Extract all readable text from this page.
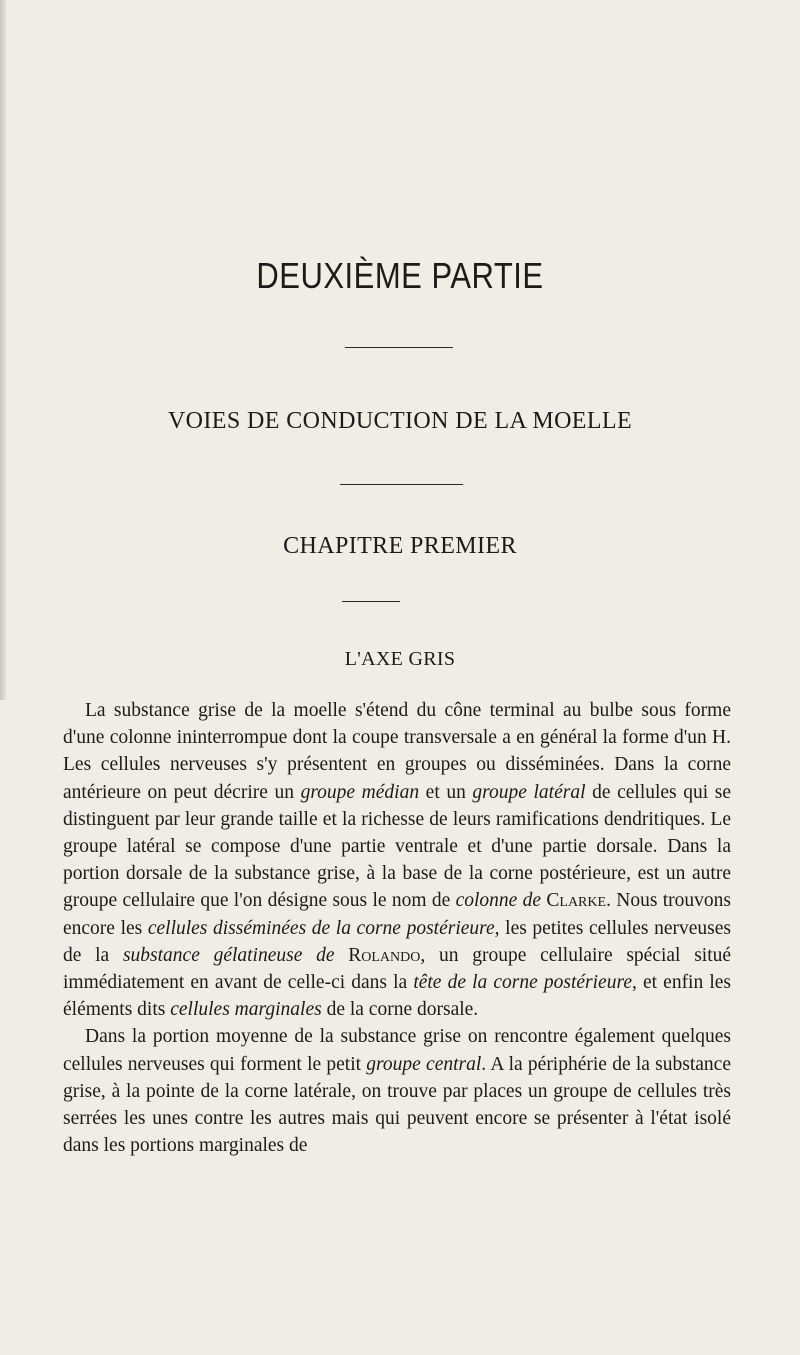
DEUXIÈME PARTIE
VOIES DE CONDUCTION DE LA MOELLE
CHAPITRE PREMIER
L'AXE GRIS

La substance grise de la moelle s'étend du cône terminal au bulbe sous forme d'une colonne ininterrompue dont la coupe transversale a en général la forme d'un H. Les cellules nerveuses s'y présentent en groupes ou disséminées. Dans la corne antérieure on peut décrire un groupe médian et un groupe latéral de cellules qui se distinguent par leur grande taille et la richesse de leurs ramifications dendritiques. Le groupe latéral se compose d'une partie ventrale et d'une partie dorsale. Dans la portion dorsale de la substance grise, à la base de la corne postérieure, est un autre groupe cellulaire que l'on désigne sous le nom de colonne de Clarke. Nous trouvons encore les cellules disséminées de la corne postérieure, les petites cellules nerveuses de la substance gélatineuse de Rolando, un groupe cellulaire spécial situé immédiatement en avant de celle-ci dans la tête de la corne postérieure, et enfin les éléments dits cellules marginales de la corne dorsale.

Dans la portion moyenne de la substance grise on rencontre également quelques cellules nerveuses qui forment le petit groupe central. A la périphérie de la substance grise, à la pointe de la corne latérale, on trouve par places un groupe de cellules très serrées les unes contre les autres mais qui peuvent encore se présenter à l'état isolé dans les portions marginales de
